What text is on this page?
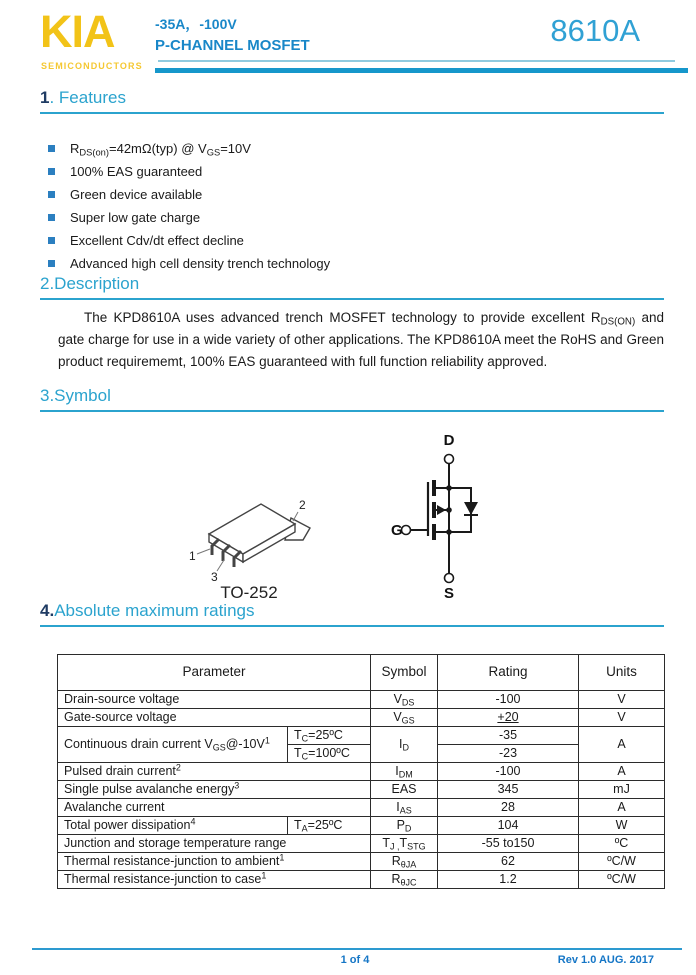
KIA
SEMICONDUCTORS
-35A，-100V
P-CHANNEL MOSFET	8610A
1. Features
$R_{DS(on)}=42m\Omega(typ)$ @ $V_{GS}=10V$
100% EAS guaranteed
Green device available
Super low gate charge
Excellent Cdv/dt effect decline
Advanced high cell density trench technology
2.Description

The KPD8610A uses advanced trench MOSFET technology to provide excellent $R_{DS(ON)}$ and gate charge for use in a wide variety of other applications. The KPD8610A meet the RoHS and Green product requirememt, 100% EAS guaranteed with full function reliability approved.

3.Symbol
1
2
3
TO-252
D
G
S
4.Absolute maximum ratings
Parameter		Symbol	Rating	Units
Drain-source voltage		$V_{DS}$	-100	V
Gate-source voltage		$V_{GS}$	+20	V
Continuous drain current $V_{GS}@-10V^1$	$T_C=25ºC$	$I_D$	-35	A
	$T_C=100ºC$		-23	
Pulsed drain current$^2$		$I_{DM}$	-100	A
Single pulse avalanche energy$^3$		EAS	345	mJ
Avalanche current		$I_{AS}$	28	A
Total power dissipation$^4$	$T_A=25ºC$	$P_D$	104	W
Junction and storage temperature range		$T_{J ,}T_{STG}$	-55 to150	ºC
Thermal resistance-junction to ambient$^1$		$R_{\theta JA}$	62	ºC/W
Thermal resistance-junction to case$^1$		$R_{\theta JC}$	1.2	ºC/W
1 of 4	Rev 1.0 AUG. 2017
